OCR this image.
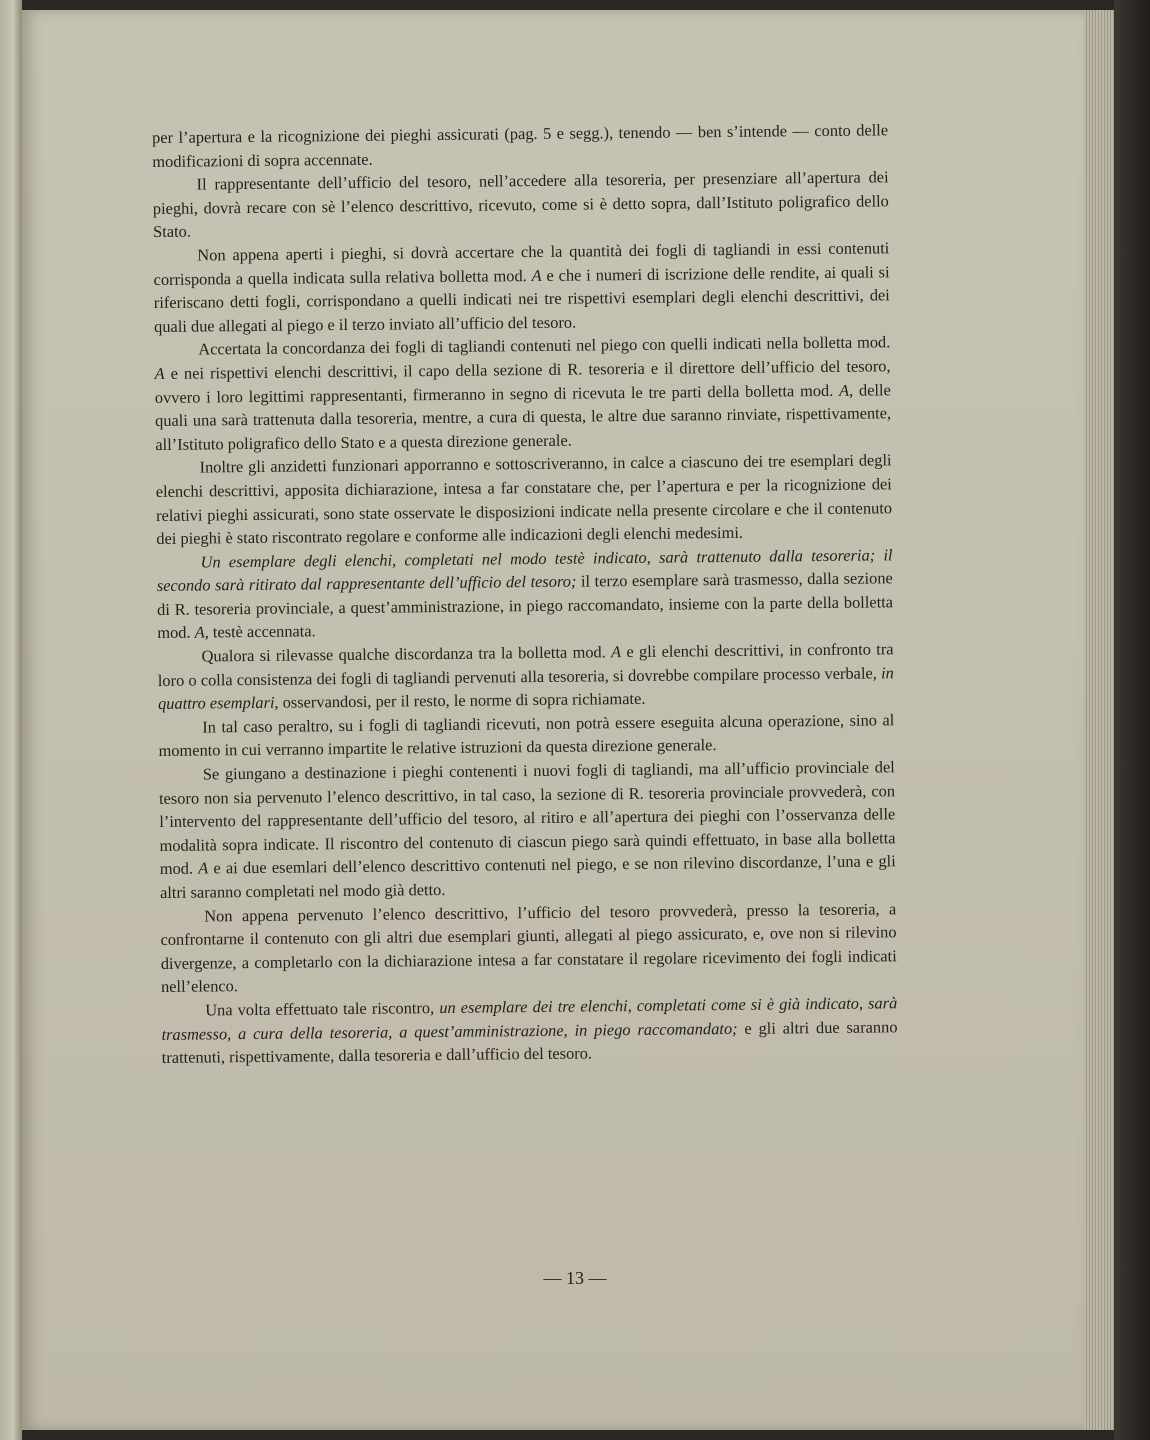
per l’apertura e la ricognizione dei pieghi assicurati (pag. 5 e segg.), tenendo — ben s’intende — conto delle modificazioni di sopra accennate.

Il rappresentante dell’ufficio del tesoro, nell’accedere alla tesoreria, per presenziare all’apertura dei pieghi, dovrà recare con sè l’elenco descrittivo, ricevuto, come si è detto sopra, dall’Istituto poligrafico dello Stato.

Non appena aperti i pieghi, si dovrà accertare che la quantità dei fogli di tagliandi in essi contenuti corrisponda a quella indicata sulla relativa bolletta mod. A e che i numeri di iscrizione delle rendite, ai quali si riferiscano detti fogli, corrispondano a quelli indicati nei tre rispettivi esemplari degli elenchi descrittivi, dei quali due allegati al piego e il terzo inviato all’ufficio del tesoro.

Accertata la concordanza dei fogli di tagliandi contenuti nel piego con quelli indicati nella bolletta mod. A e nei rispettivi elenchi descrittivi, il capo della sezione di R. tesoreria e il direttore dell’ufficio del tesoro, ovvero i loro legittimi rappresentanti, firmeranno in segno di ricevuta le tre parti della bolletta mod. A, delle quali una sarà trattenuta dalla tesoreria, mentre, a cura di questa, le altre due saranno rinviate, rispettivamente, all’Istituto poligrafico dello Stato e a questa direzione generale.

Inoltre gli anzidetti funzionari apporranno e sottoscriveranno, in calce a ciascuno dei tre esemplari degli elenchi descrittivi, apposita dichiarazione, intesa a far constatare che, per l’apertura e per la ricognizione dei relativi pieghi assicurati, sono state osservate le disposizioni indicate nella presente circolare e che il contenuto dei pieghi è stato riscontrato regolare e conforme alle indicazioni degli elenchi medesimi.

Un esemplare degli elenchi, completati nel modo testè indicato, sarà trattenuto dalla tesoreria; il secondo sarà ritirato dal rappresentante dell’ufficio del tesoro; il terzo esemplare sarà trasmesso, dalla sezione di R. tesoreria provinciale, a quest’amministrazione, in piego raccomandato, insieme con la parte della bolletta mod. A, testè accennata.

Qualora si rilevasse qualche discordanza tra la bolletta mod. A e gli elenchi descrittivi, in confronto tra loro o colla consistenza dei fogli di tagliandi pervenuti alla tesoreria, si dovrebbe compilare processo verbale, in quattro esemplari, osservandosi, per il resto, le norme di sopra richiamate.

In tal caso peraltro, su i fogli di tagliandi ricevuti, non potrà essere eseguita alcuna operazione, sino al momento in cui verranno impartite le relative istruzioni da questa direzione generale.

Se giungano a destinazione i pieghi contenenti i nuovi fogli di tagliandi, ma all’ufficio provinciale del tesoro non sia pervenuto l’elenco descrittivo, in tal caso, la sezione di R. tesoreria provinciale provvederà, con l’intervento del rappresentante dell’ufficio del tesoro, al ritiro e all’apertura dei pieghi con l’osservanza delle modalità sopra indicate. Il riscontro del contenuto di ciascun piego sarà quindi effettuato, in base alla bolletta mod. A e ai due esemlari dell’elenco descrittivo contenuti nel piego, e se non rilevino discordanze, l’una e gli altri saranno completati nel modo già detto.

Non appena pervenuto l’elenco descrittivo, l’ufficio del tesoro provvederà, presso la tesoreria, a confrontarne il contenuto con gli altri due esemplari giunti, allegati al piego assicurato, e, ove non si rilevino divergenze, a completarlo con la dichiarazione intesa a far constatare il regolare ricevimento dei fogli indicati nell’elenco.

Una volta effettuato tale riscontro, un esemplare dei tre elenchi, completati come si è già indicato, sarà trasmesso, a cura della tesoreria, a quest’amministrazione, in piego raccomandato; e gli altri due saranno trattenuti, rispettivamente, dalla tesoreria e dall’ufficio del tesoro.

— 13 —
